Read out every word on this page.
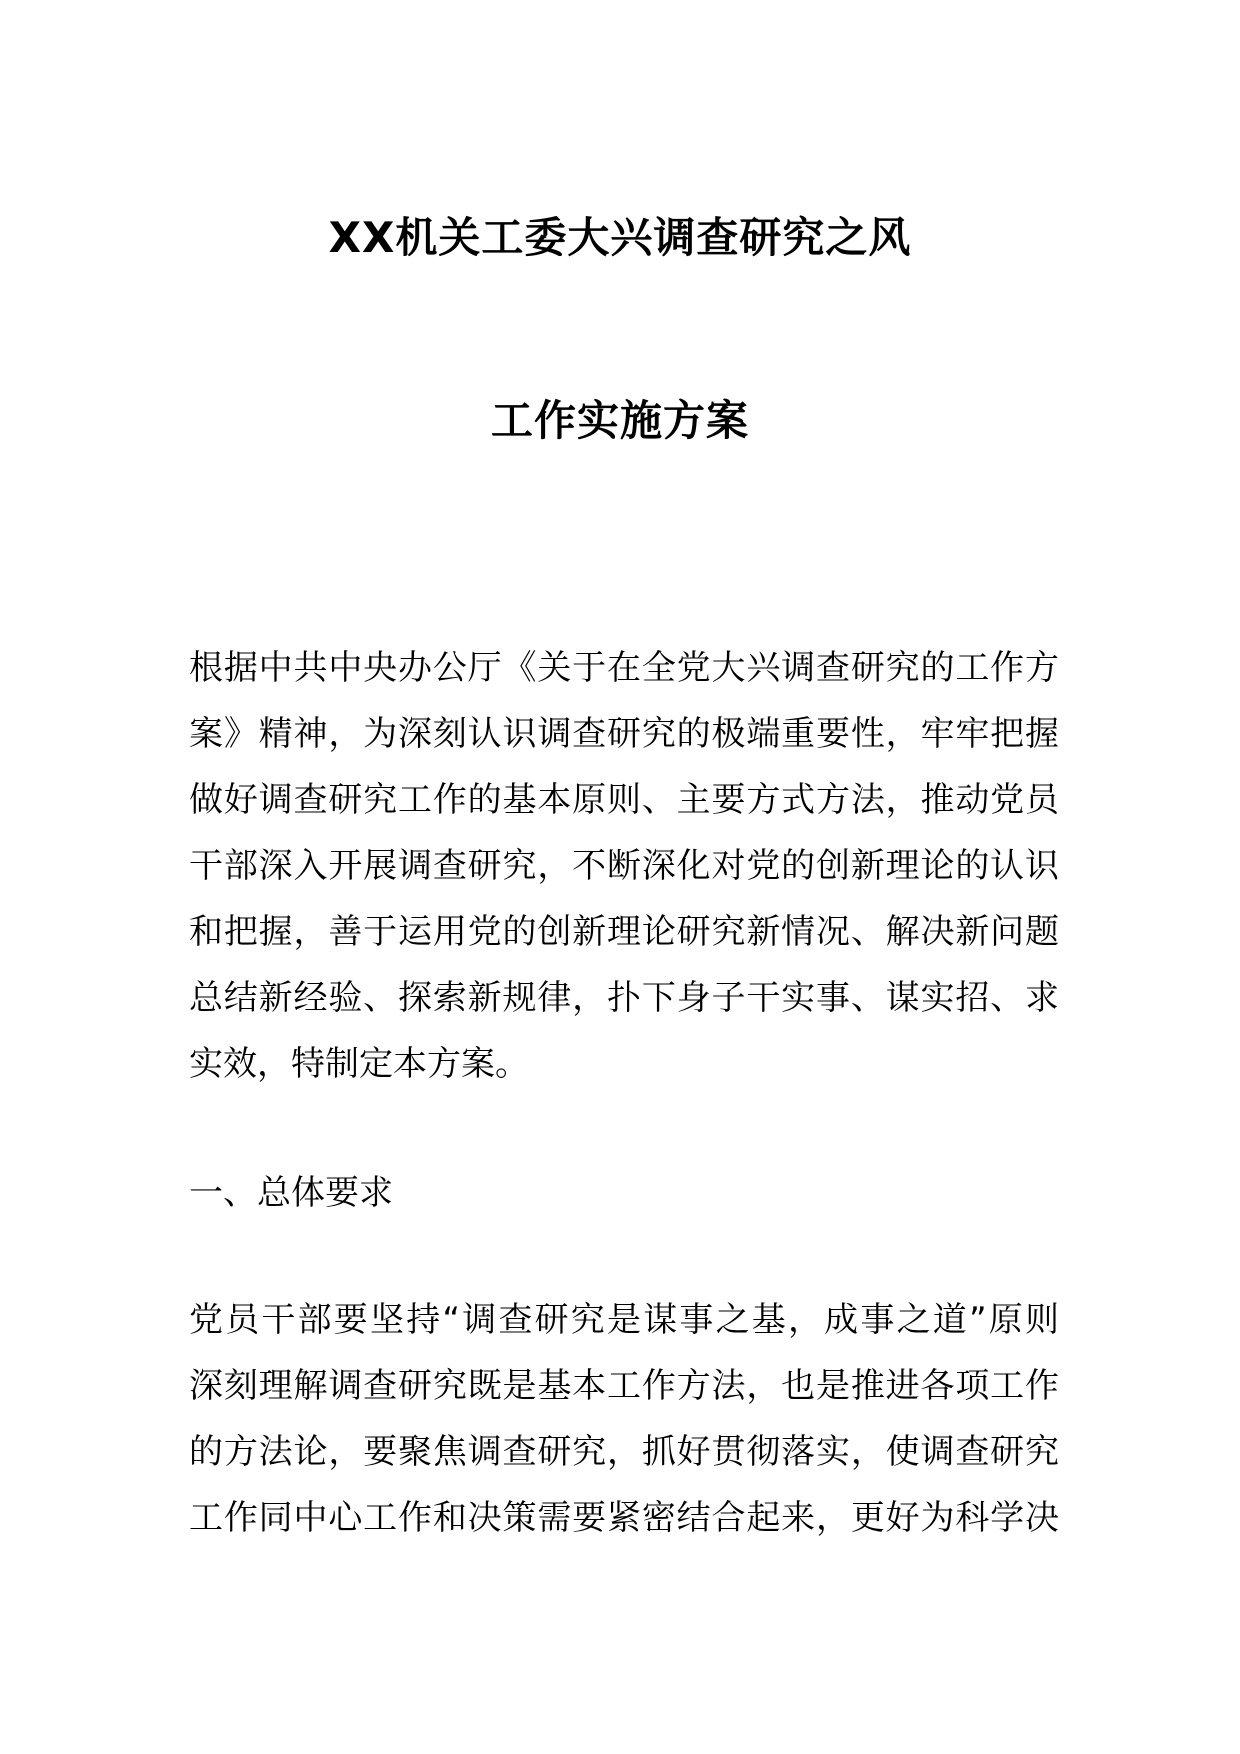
XX机关工委大兴调查研究之风
工作实施方案
根据中共中央办公厅《关于在全党大兴调查研究的工作方
案》精神，为深刻认识调查研究的极端重要性，牢牢把握
做好调查研究工作的基本原则、主要方式方法，推动党员
干部深入开展调查研究，不断深化对党的创新理论的认识
和把握，善于运用党的创新理论研究新情况、解决新问题
总结新经验、探索新规律，扑下身子干实事、谋实招、求
实效，特制定本方案。
一、总体要求
党员干部要坚持“调查研究是谋事之基，成事之道”原则
深刻理解调查研究既是基本工作方法，也是推进各项工作
的方法论，要聚焦调查研究，抓好贯彻落实，使调查研究
工作同中心工作和决策需要紧密结合起来，更好为科学决
